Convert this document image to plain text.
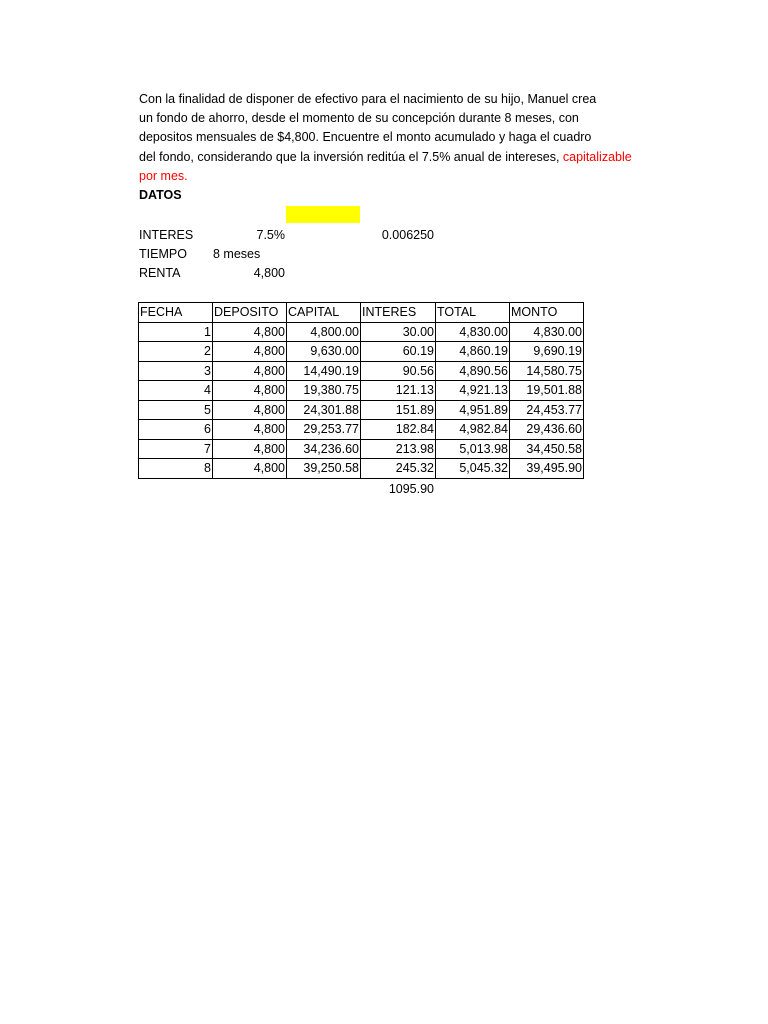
Con la finalidad de disponer de efectivo para el nacimiento de su hijo, Manuel crea
un fondo de ahorro, desde el momento de su concepción durante 8 meses, con
depositos mensuales de $4,800. Encuentre el monto acumulado y haga el cuadro
del fondo, considerando que la inversión reditúa el 7.5% anual de intereses, capitalizable
por mes.
DATOS
INTERES	7.5%	0.006250
TIEMPO 8 meses
RENTA	4,800
FECHA	DEPOSITO	CAPITAL	INTERES	TOTAL	MONTO
1	4,800	4,800.00	30.00	4,830.00	4,830.00
2	4,800	9,630.00	60.19	4,860.19	9,690.19
3	4,800	14,490.19	90.56	4,890.56	14,580.75
4	4,800	19,380.75	121.13	4,921.13	19,501.88
5	4,800	24,301.88	151.89	4,951.89	24,453.77
6	4,800	29,253.77	182.84	4,982.84	29,436.60
7	4,800	34,236.60	213.98	5,013.98	34,450.58
8	4,800	39,250.58	245.32	5,045.32	39,495.90
1095.90
